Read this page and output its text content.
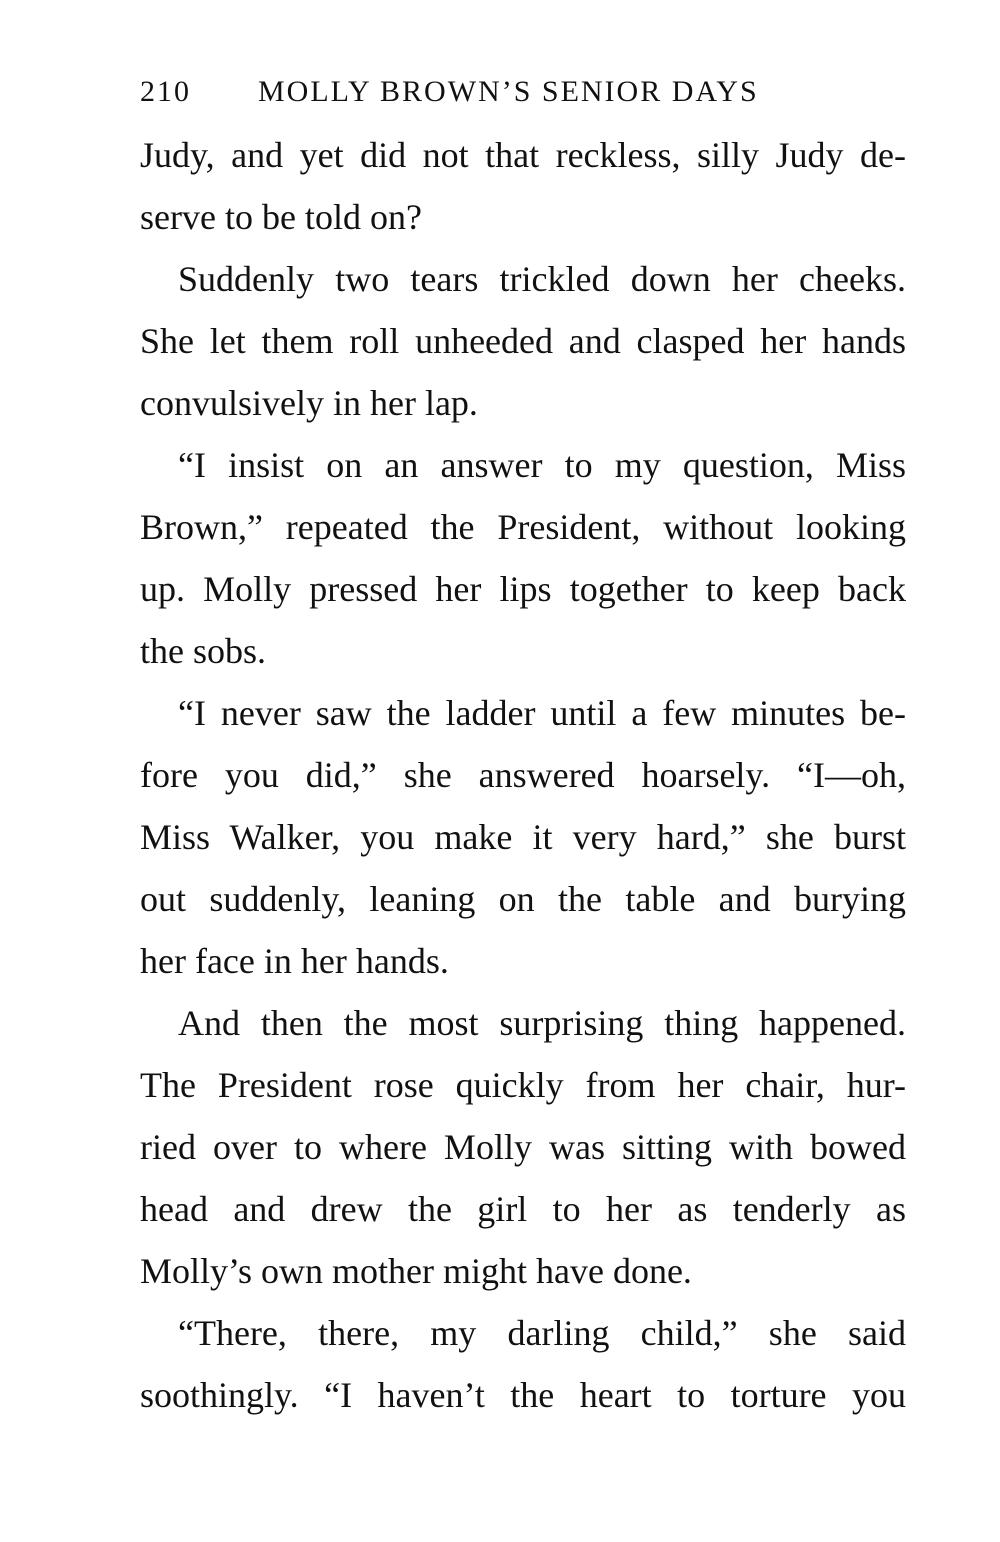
210 MOLLY BROWN’S SENIOR DAYS
Judy, and yet did not that reckless, silly Judy de-
serve to be told on?
Suddenly two tears trickled down her cheeks.
She let them roll unheeded and clasped her hands
convulsively in her lap.
“I insist on an answer to my question, Miss
Brown,” repeated the President, without looking
up. Molly pressed her lips together to keep back
the sobs.
“I never saw the ladder until a few minutes be-
fore you did,” she answered hoarsely. “I—oh,
Miss Walker, you make it very hard,” she burst
out suddenly, leaning on the table and burying
her face in her hands.
And then the most surprising thing happened.
The President rose quickly from her chair, hur-
ried over to where Molly was sitting with bowed
head and drew the girl to her as tenderly as
Molly’s own mother might have done.
“There, there, my darling child,” she said
soothingly. “I haven’t the heart to torture you
